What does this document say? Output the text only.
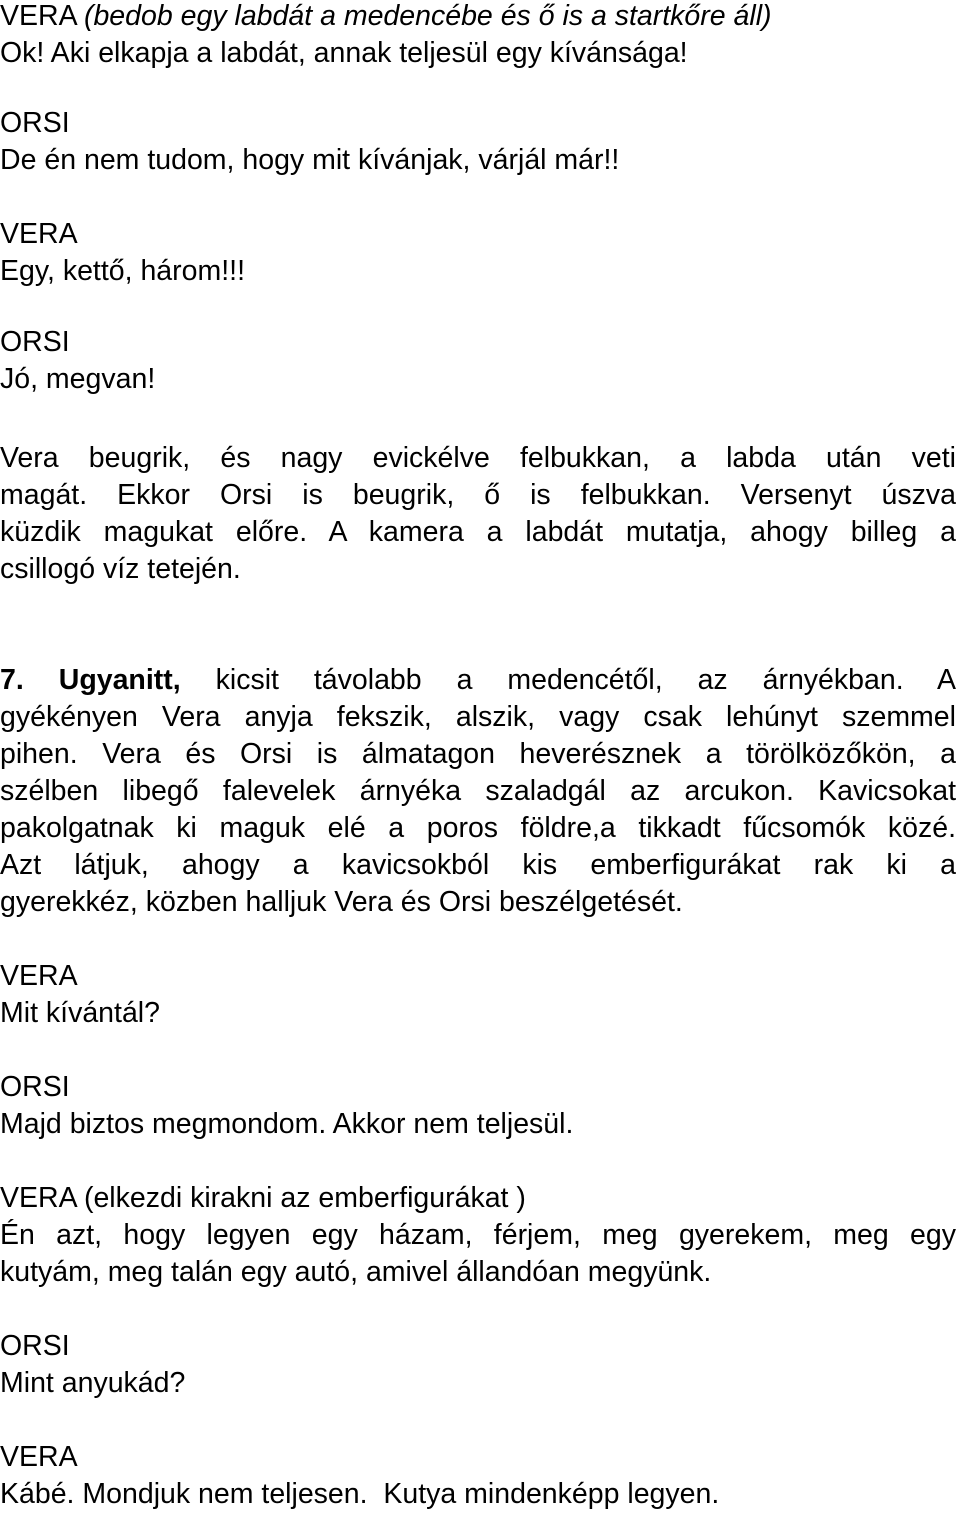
VERA (bedob egy labdát a medencébe és ő is a startkőre áll)
Ok! Aki elkapja a labdát, annak teljesül egy kívánsága!
ORSI
De én nem tudom, hogy mit kívánjak, várjál már!!
VERA
Egy, kettő, három!!!
ORSI
Jó, megvan!
Vera beugrik, és nagy evickélve felbukkan, a labda után veti
magát. Ekkor Orsi is beugrik, ő is felbukkan. Versenyt úszva
küzdik magukat előre. A kamera a labdát mutatja, ahogy billeg a
csillogó víz tetején.
7. Ugyanitt, kicsit távolabb a medencétől, az árnyékban. A
gyékényen Vera anyja fekszik, alszik, vagy csak lehúnyt szemmel
pihen. Vera és Orsi is álmatagon heverésznek a törölközőkön, a
szélben libegő falevelek árnyéka szaladgál az arcukon. Kavicsokat
pakolgatnak ki maguk elé a poros földre,a tikkadt fűcsomók közé.
Azt látjuk, ahogy a kavicsokból kis emberfigurákat rak ki a
gyerekkéz, közben halljuk Vera és Orsi beszélgetését.
VERA
Mit kívántál?
ORSI
Majd biztos megmondom. Akkor nem teljesül.
VERA (elkezdi kirakni az emberfigurákat )
Én azt, hogy legyen egy házam, férjem, meg gyerekem, meg egy
kutyám, meg talán egy autó, amivel állandóan megyünk.
ORSI
Mint anyukád?
VERA
Kábé. Mondjuk nem teljesen.  Kutya mindenképp legyen.
